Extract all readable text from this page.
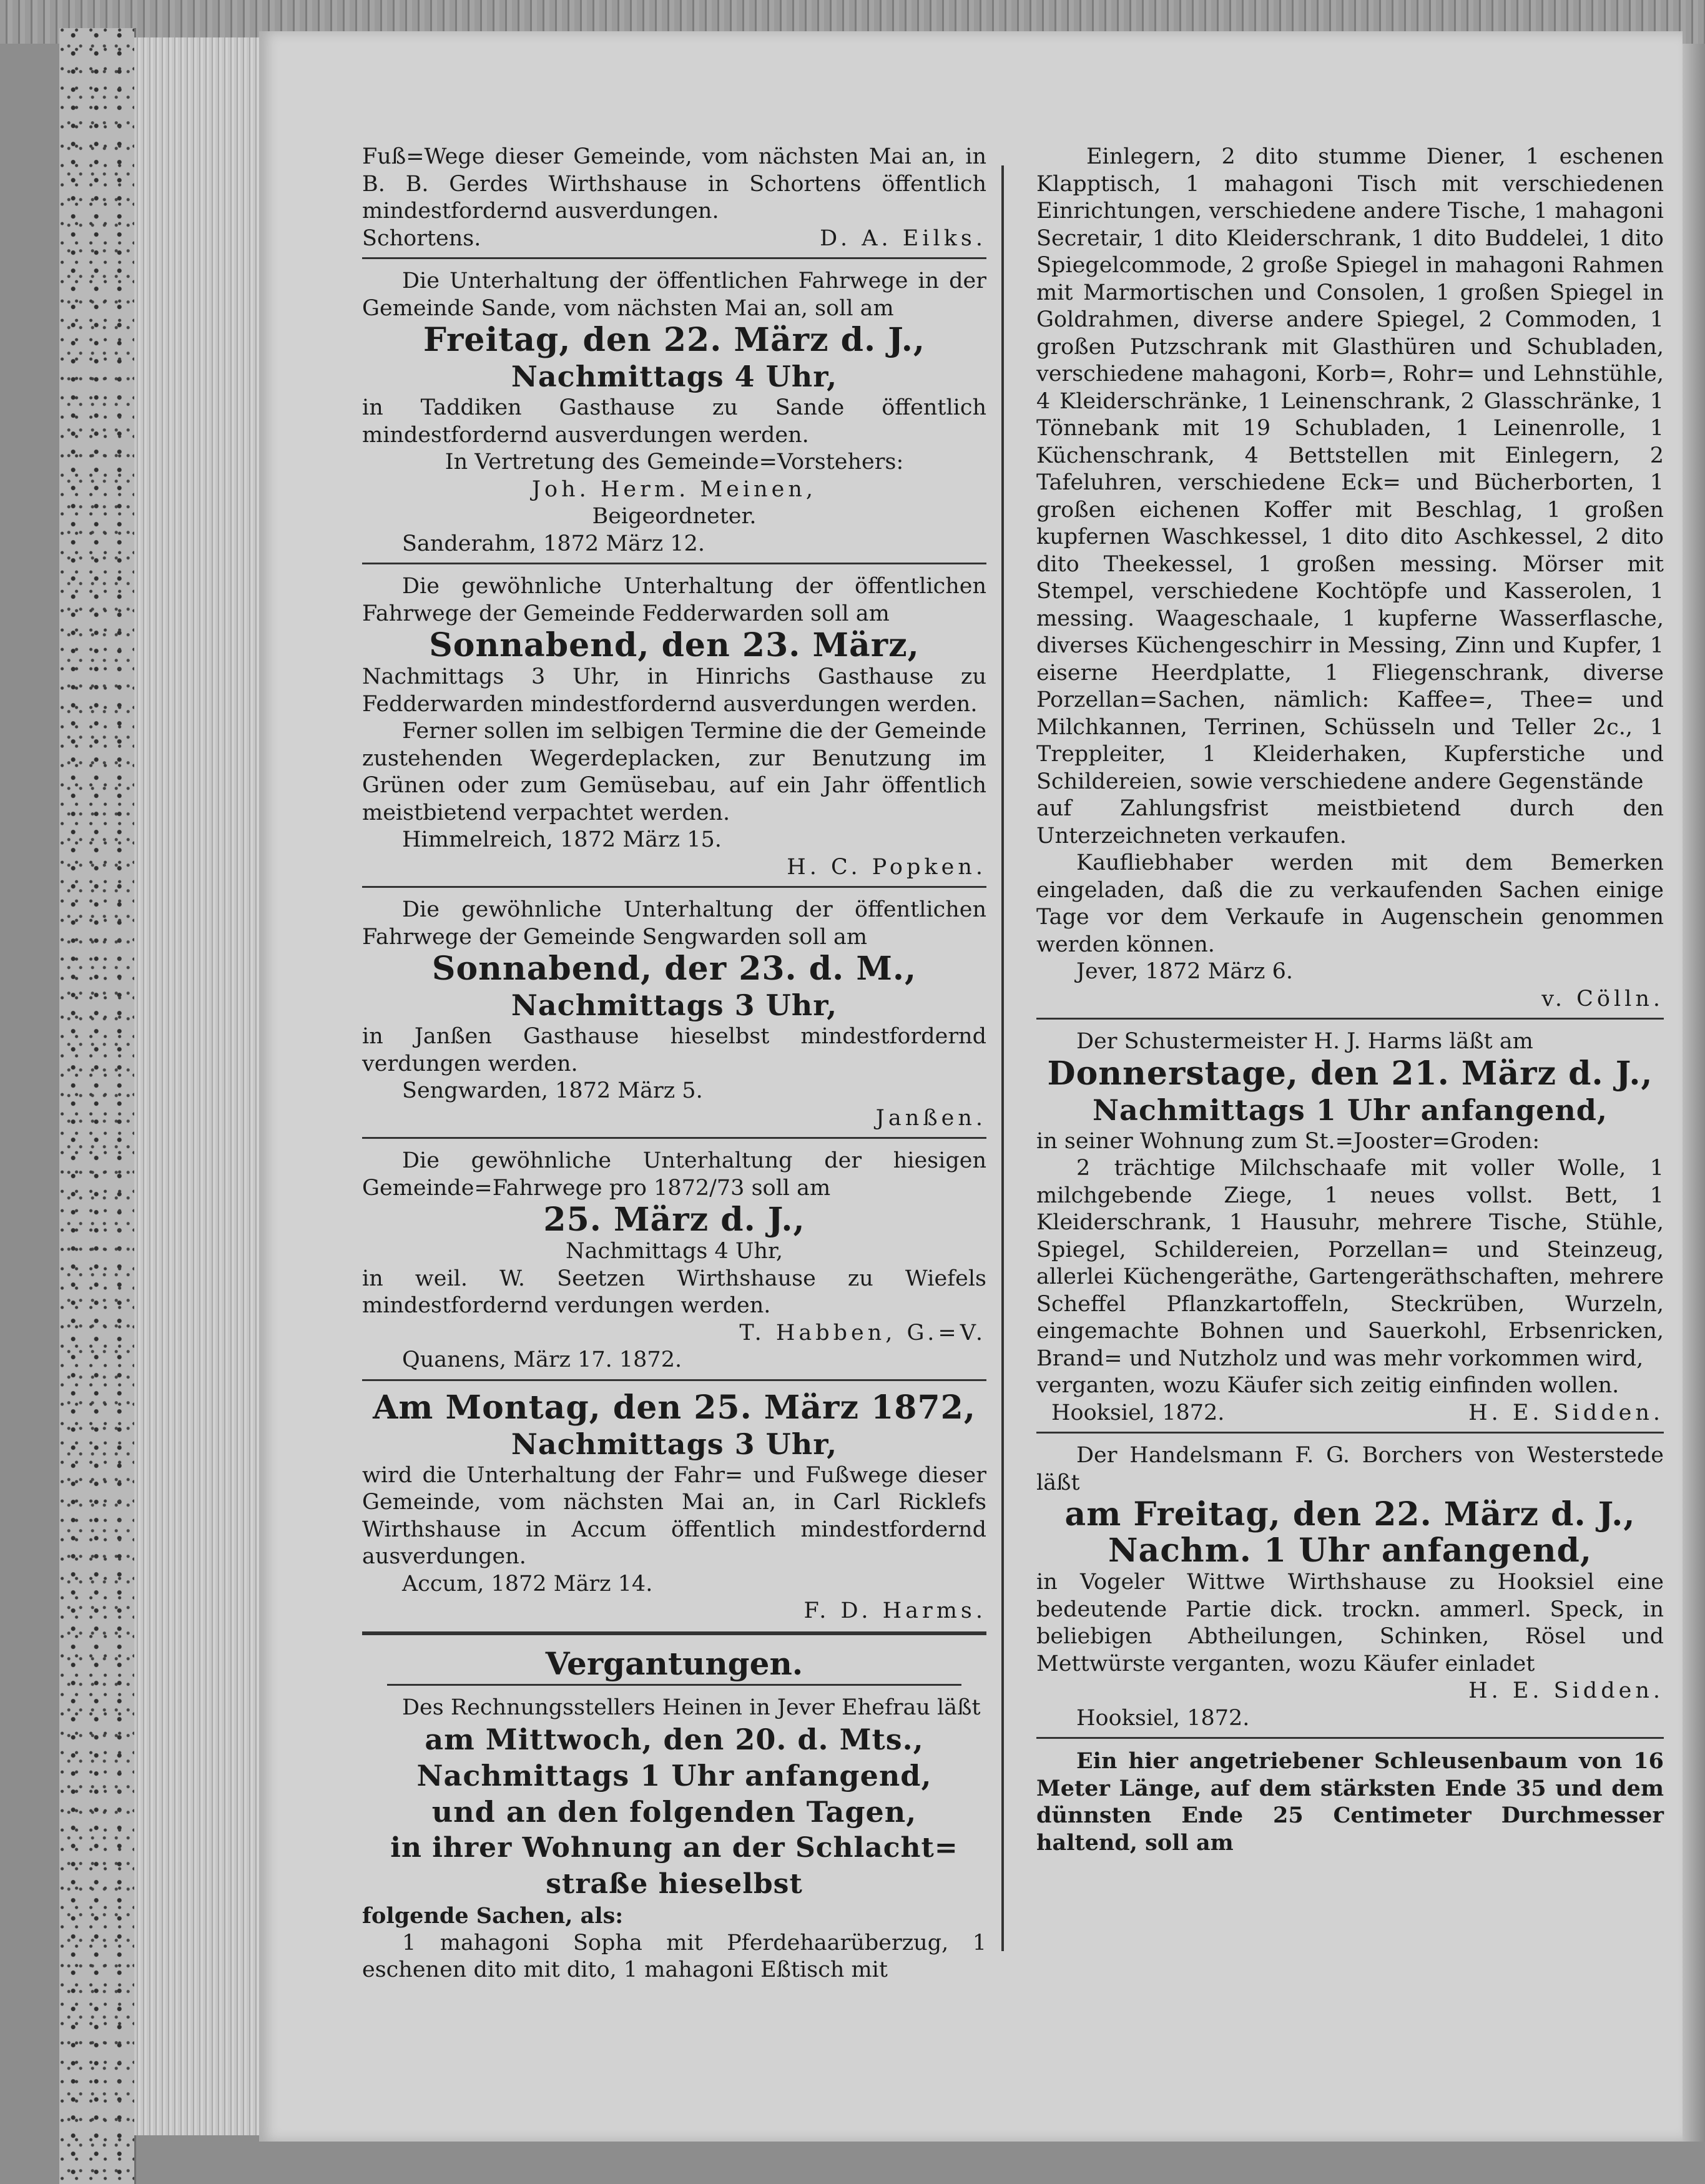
Fuß=Wege dieser Gemeinde, vom nächsten Mai an, in B. B. Gerdes Wirthshause in Schortens öffentlich mindestfordernd ausverdungen.

Schortens.	D. A. Eilks.

Die Unterhaltung der öffentlichen Fahrwege in der Gemeinde Sande, vom nächsten Mai an, soll am

Freitag, den 22. März d. J.,

Nachmittags 4 Uhr,

in Taddiken Gasthause zu Sande öffentlich mindestfordernd ausverdungen werden.

In Vertretung des Gemeinde=Vorstehers:

Joh. Herm. Meinen,

Beigeordneter.

Sanderahm, 1872 März 12.

Die gewöhnliche Unterhaltung der öffentlichen Fahrwege der Gemeinde Fedderwarden soll am

Sonnabend, den 23. März,

Nachmittags 3 Uhr, in Hinrichs Gasthause zu Fedderwarden mindestfordernd ausverdungen werden.

Ferner sollen im selbigen Termine die der Gemeinde zustehenden Wegerdeplacken, zur Benutzung im Grünen oder zum Gemüsebau, auf ein Jahr öffentlich meistbietend verpachtet werden.

Himmelreich, 1872 März 15.

H. C. Popken.

Die gewöhnliche Unterhaltung der öffentlichen Fahrwege der Gemeinde Sengwarden soll am

Sonnabend, der 23. d. M.,

Nachmittags 3 Uhr,

in Janßen Gasthause hieselbst mindestfordernd verdungen werden.

Sengwarden, 1872 März 5.

Janßen.

Die gewöhnliche Unterhaltung der hiesigen Gemeinde=Fahrwege pro 1872/73 soll am

25. März d. J.,

Nachmittags 4 Uhr,

in weil. W. Seetzen Wirthshause zu Wiefels mindestfordernd verdungen werden.

T. Habben, G.=V.

Quanens, März 17. 1872.

Am Montag, den 25. März 1872,

Nachmittags 3 Uhr,

wird die Unterhaltung der Fahr= und Fußwege dieser Gemeinde, vom nächsten Mai an, in Carl Ricklefs Wirthshause in Accum öffentlich mindestfordernd ausverdungen.

Accum, 1872 März 14.

F. D. Harms.

Vergantungen.

Des Rechnungsstellers Heinen in Jever Ehefrau läßt

am Mittwoch, den 20. d. Mts.,

Nachmittags 1 Uhr anfangend,

und an den folgenden Tagen,

in ihrer Wohnung an der Schlacht=

straße hieselbst

folgende Sachen, als:

1 mahagoni Sopha mit Pferdehaarüberzug, 1 eschenen dito mit dito, 1 mahagoni Eßtisch mit

Einlegern, 2 dito stumme Diener, 1 eschenen Klapptisch, 1 mahagoni Tisch mit verschiedenen Einrichtungen, verschiedene andere Tische, 1 mahagoni Secretair, 1 dito Kleiderschrank, 1 dito Buddelei, 1 dito Spiegelcommode, 2 große Spiegel in mahagoni Rahmen mit Marmortischen und Consolen, 1 großen Spiegel in Goldrahmen, diverse andere Spiegel, 2 Commoden, 1 großen Putzschrank mit Glasthüren und Schubladen, verschiedene mahagoni, Korb=, Rohr= und Lehnstühle, 4 Kleiderschränke, 1 Leinenschrank, 2 Glasschränke, 1 Tönnebank mit 19 Schubladen, 1 Leinenrolle, 1 Küchenschrank, 4 Bettstellen mit Einlegern, 2 Tafeluhren, verschiedene Eck= und Bücherborten, 1 großen eichenen Koffer mit Beschlag, 1 großen kupfernen Waschkessel, 1 dito dito Aschkessel, 2 dito dito Theekessel, 1 großen messing. Mörser mit Stempel, verschiedene Kochtöpfe und Kasserolen, 1 messing. Waageschaale, 1 kupferne Wasserflasche, diverses Küchengeschirr in Messing, Zinn und Kupfer, 1 eiserne Heerdplatte, 1 Fliegenschrank, diverse Porzellan=Sachen, nämlich: Kaffee=, Thee= und Milchkannen, Terrinen, Schüsseln und Teller 2c., 1 Treppleiter, 1 Kleiderhaken, Kupferstiche und Schildereien, sowie verschiedene andere Gegenstände

auf Zahlungsfrist meistbietend durch den Unterzeichneten verkaufen.

Kaufliebhaber werden mit dem Bemerken eingeladen, daß die zu verkaufenden Sachen einige Tage vor dem Verkaufe in Augenschein genommen werden können.

Jever, 1872 März 6.

v. Cölln.

Der Schustermeister H. J. Harms läßt am

Donnerstage, den 21. März d. J.,

Nachmittags 1 Uhr anfangend,

in seiner Wohnung zum St.=Jooster=Groden:

2 trächtige Milchschaafe mit voller Wolle, 1 milchgebende Ziege, 1 neues vollst. Bett, 1 Kleiderschrank, 1 Hausuhr, mehrere Tische, Stühle, Spiegel, Schildereien, Porzellan= und Steinzeug, allerlei Küchengeräthe, Gartengeräthschaften, mehrere Scheffel Pflanzkartoffeln, Steckrüben, Wurzeln, eingemachte Bohnen und Sauerkohl, Erbsenricken, Brand= und Nutzholz und was mehr vorkommen wird,

verganten, wozu Käufer sich zeitig einfinden wollen.

Hooksiel, 1872.	H. E. Sidden.

Der Handelsmann F. G. Borchers von Westerstede läßt

am Freitag, den 22. März d. J.,

Nachm. 1 Uhr anfangend,

in Vogeler Wittwe Wirthshause zu Hooksiel eine bedeutende Partie dick. trockn. ammerl. Speck, in beliebigen Abtheilungen, Schinken, Rösel und Mettwürste verganten, wozu Käufer einladet

H. E. Sidden.

Hooksiel, 1872.

Ein hier angetriebener Schleusenbaum von 16 Meter Länge, auf dem stärksten Ende 35 und dem dünnsten Ende 25 Centimeter Durchmesser haltend, soll am
